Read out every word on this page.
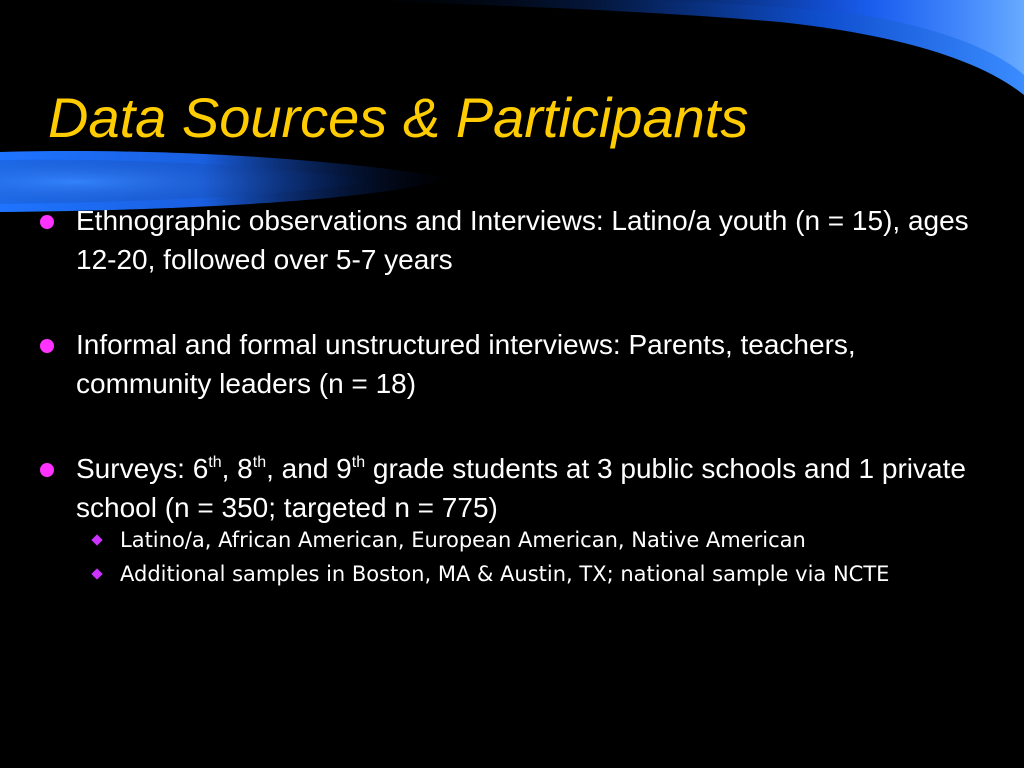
Data Sources & Participants
Ethnographic observations and Interviews: Latino/a youth (n = 15), ages 12-20, followed over 5-7 years
Informal and formal unstructured interviews: Parents, teachers, community leaders (n = 18)
Surveys: 6th, 8th, and 9th grade students at 3 public schools and 1 private school (n = 350; targeted n = 775)
Latino/a, African American, European American, Native American
Additional samples in Boston, MA & Austin, TX; national sample via NCTE
